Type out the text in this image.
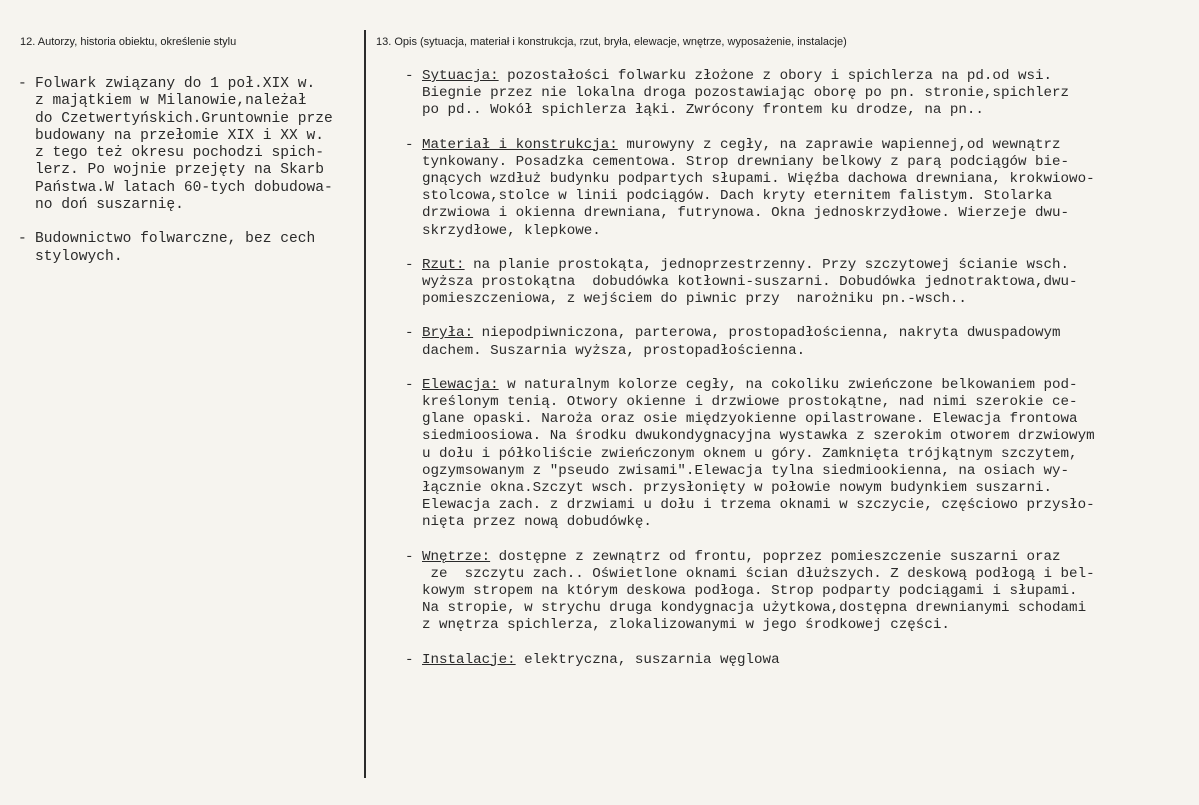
12. Autorzy, historia obiektu, określenie stylu	13. Opis (sytuacja, materiał i konstrukcja, rzut, bryła, elewacje, wnętrze, wyposażenie, instalacje)
- Folwark związany do 1 poł.XIX w.
z majątkiem w Milanowie,należał
do Czetwertyńskich.Gruntownie prze
budowany na przełomie XIX i XX w.
z tego też okresu pochodzi spich-
lerz. Po wojnie przejęty na Skarb
Państwa.W latach 60-tych dobudowa-
no doń suszarnię.
- Budownictwo folwarczne, bez cech
stylowych.
- Sytuacja: pozostałości folwarku złożone z obory i spichlerza na pd.od wsi.
Biegnie przez nie lokalna droga pozostawiając oborę po pn. stronie,spichlerz
po pd.. Wokół spichlerza łąki. Zwrócony frontem ku drodze, na pn..
- Materiał i konstrukcja: murowyny z cegły, na zaprawie wapiennej,od wewnątrz
tynkowany. Posadzka cementowa. Strop drewniany belkowy z parą podciągów bie-
gnących wzdłuż budynku podpartych słupami. Więźba dachowa drewniana, krokwiowo-
stolcowa,stolce w linii podciągów. Dach kryty eternitem falistym. Stolarka
drzwiowa i okienna drewniana, futrynowa. Okna jednoskrzydłowe. Wierzeje dwu-
skrzydłowe, klepkowe.
- Rzut: na planie prostokąta, jednoprzestrzenny. Przy szczytowej ścianie wsch.
wyższa prostokątna  dobudówka kotłowni-suszarni. Dobudówka jednotraktowa,dwu-
pomieszczeniowa, z wejściem do piwnic przy  narożniku pn.-wsch..
- Bryła: niepodpiwniczona, parterowa, prostopadłościenna, nakryta dwuspadowym
dachem. Suszarnia wyższa, prostopadłościenna.
- Elewacja: w naturalnym kolorze cegły, na cokoliku zwieńczone belkowaniem pod-
kreślonym tenią. Otwory okienne i drzwiowe prostokątne, nad nimi szerokie ce-
glane opaski. Naroża oraz osie międzyokienne opilastrowane. Elewacja frontowa
siedmioosiowa. Na środku dwukondygnacyjna wystawka z szerokim otworem drzwiowym
u dołu i półkoliście zwieńczonym oknem u góry. Zamknięta trójkątnym szczytem,
ogzymsowanym z "pseudo zwisami".Elewacja tylna siedmiookienna, na osiach wy-
łącznie okna.Szczyt wsch. przysłonięty w połowie nowym budynkiem suszarni.
Elewacja zach. z drzwiami u dołu i trzema oknami w szczycie, częściowo przysło-
nięta przez nową dobudówkę.
- Wnętrze: dostępne z zewnątrz od frontu, poprzez pomieszczenie suszarni oraz
ze  szczytu zach.. Oświetlone oknami ścian dłuższych. Z deskową podłogą i bel-
kowym stropem na którym deskowa podłoga. Strop podparty podciągami i słupami.
Na stropie, w strychu druga kondygnacja użytkowa,dostępna drewnianymi schodami
z wnętrza spichlerza, zlokalizowanymi w jego środkowej części.
- Instalacje: elektryczna, suszarnia węglowa
